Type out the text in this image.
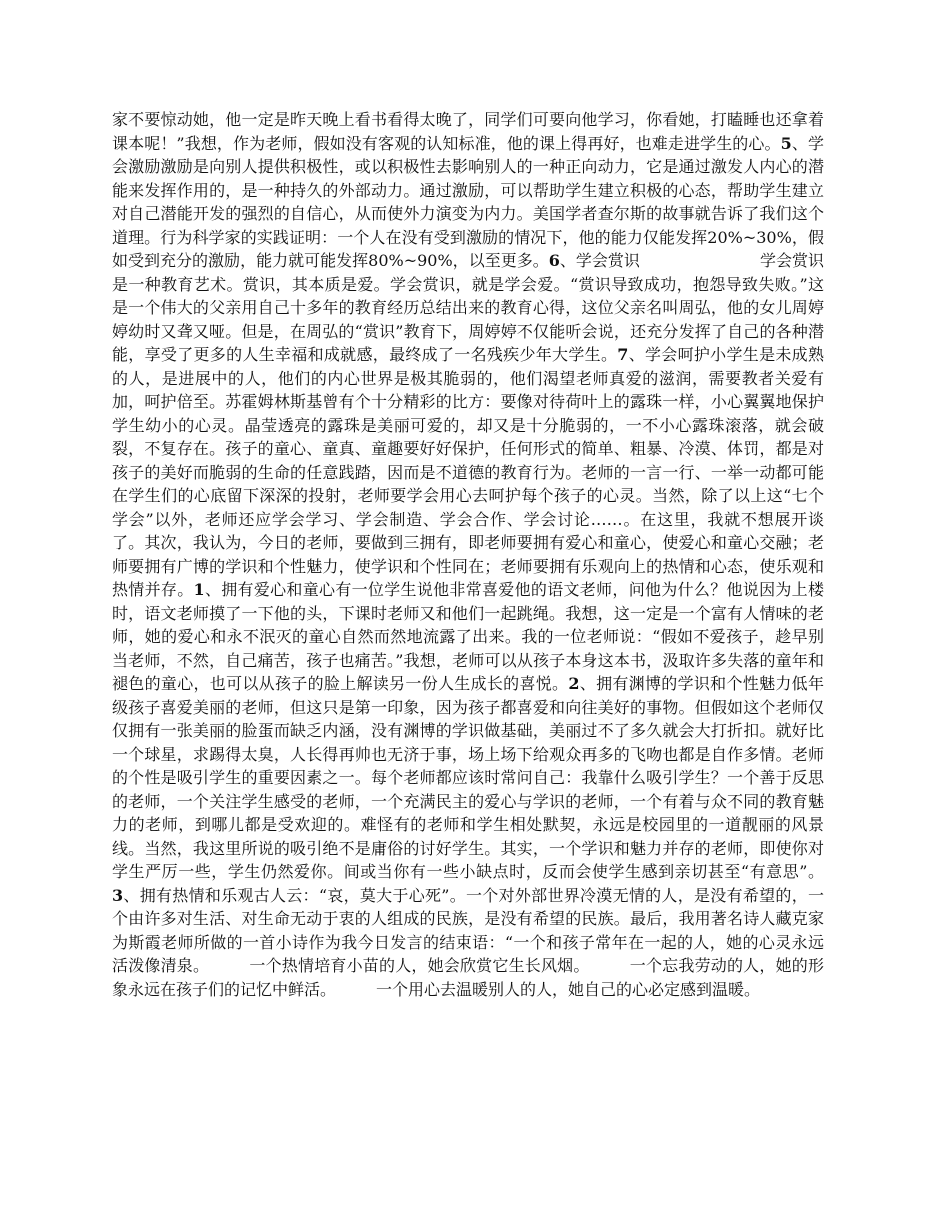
家不要惊动她，他一定是昨天晚上看书看得太晚了，同学们可要向他学习，你看她，打瞌睡也还拿着课本呢！”我想，作为老师，假如没有客观的认知标准，他的课上得再好，也难走进学生的心。5、学会激励激励是向别人提供积极性，或以积极性去影响别人的一种正向动力，它是通过激发人内心的潜能来发挥作用的，是一种持久的外部动力。通过激励，可以帮助学生建立积极的心态，帮助学生建立对自己潜能开发的强烈的自信心，从而使外力演变为内力。美国学者查尔斯的故事就告诉了我们这个道理。行为科学家的实践证明：一个人在没有受到激励的情况下，他的能力仅能发挥20%~30%，假如受到充分的激励，能力就可能发挥80%~90%，以至更多。6、学会赏识	学会赏识是一种教育艺术。赏识，其本质是爱。学会赏识，就是学会爱。“赏识导致成功，抱怨导致失败。”这是一个伟大的父亲用自己十多年的教育经历总结出来的教育心得，这位父亲名叫周弘，他的女儿周婷婷幼时又聋又哑。但是，在周弘的“赏识”教育下，周婷婷不仅能听会说，还充分发挥了自己的各种潜能，享受了更多的人生幸福和成就感，最终成了一名残疾少年大学生。7、学会呵护小学生是未成熟的人，是进展中的人，他们的内心世界是极其脆弱的，他们渴望老师真爱的滋润，需要教者关爱有加，呵护倍至。苏霍姆林斯基曾有个十分精彩的比方：要像对待荷叶上的露珠一样，小心翼翼地保护学生幼小的心灵。晶莹透亮的露珠是美丽可爱的，却又是十分脆弱的，一不小心露珠滚落，就会破裂，不复存在。孩子的童心、童真、童趣要好好保护，任何形式的简单、粗暴、冷漠、体罚，都是对孩子的美好而脆弱的生命的任意践踏，因而是不道德的教育行为。老师的一言一行、一举一动都可能在学生们的心底留下深深的投射，老师要学会用心去呵护每个孩子的心灵。当然，除了以上这“七个学会”以外，老师还应学会学习、学会制造、学会合作、学会讨论……。在这里，我就不想展开谈了。其次，我认为，今日的老师，要做到三拥有，即老师要拥有爱心和童心，使爱心和童心交融；老师要拥有广博的学识和个性魅力，使学识和个性同在；老师要拥有乐观向上的热情和心态，使乐观和热情并存。1、拥有爱心和童心有一位学生说他非常喜爱他的语文老师，问他为什么？他说因为上楼时，语文老师摸了一下他的头，下课时老师又和他们一起跳绳。我想，这一定是一个富有人情味的老师，她的爱心和永不泯灭的童心自然而然地流露了出来。我的一位老师说：“假如不爱孩子，趁早别当老师，不然，自己痛苦，孩子也痛苦。”我想，老师可以从孩子本身这本书，汲取许多失落的童年和褪色的童心，也可以从孩子的脸上解读另一份人生成长的喜悦。2、拥有渊博的学识和个性魅力低年级孩子喜爱美丽的老师，但这只是第一印象，因为孩子都喜爱和向往美好的事物。但假如这个老师仅仅拥有一张美丽的脸蛋而缺乏内涵，没有渊博的学识做基础，美丽过不了多久就会大打折扣。就好比一个球星，求踢得太臭，人长得再帅也无济于事，场上场下给观众再多的飞吻也都是自作多情。老师的个性是吸引学生的重要因素之一。每个老师都应该时常问自己：我靠什么吸引学生？一个善于反思的老师，一个关注学生感受的老师，一个充满民主的爱心与学识的老师，一个有着与众不同的教育魅力的老师，到哪儿都是受欢迎的。难怪有的老师和学生相处默契，永远是校园里的一道靓丽的风景线。当然，我这里所说的吸引绝不是庸俗的讨好学生。其实，一个学识和魅力并存的老师，即使你对学生严厉一些，学生仍然爱你。间或当你有一些小缺点时，反而会使学生感到亲切甚至“有意思”。3、拥有热情和乐观古人云：“哀，莫大于心死”。一个对外部世界冷漠无情的人，是没有希望的，一个由许多对生活、对生命无动于衷的人组成的民族，是没有希望的民族。最后，我用著名诗人藏克家为斯霞老师所做的一首小诗作为我今日发言的结束语：“一个和孩子常年在一起的人，她的心灵永远活泼像清泉。	一个热情培育小苗的人，她会欣赏它生长风烟。	一个忘我劳动的人，她的形象永远在孩子们的记忆中鲜活。	一个用心去温暖别人的人，她自己的心必定感到温暖。
